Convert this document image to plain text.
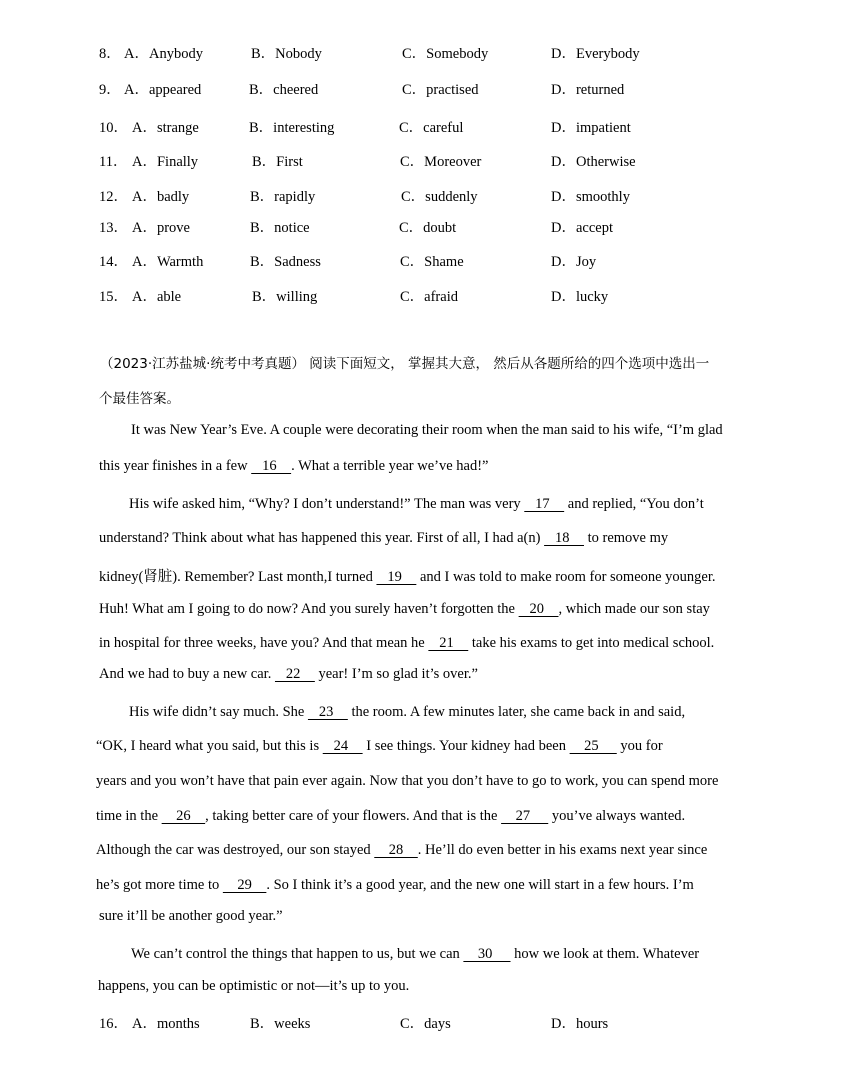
8． A．Anybody	B．Nobody	C．Somebody	D．Everybody
9． A．appeared	B．cheered	C．practised	D．returned
10． A．strange	B．interesting	C．careful	D．impatient
11． A．Finally	B．First	C．Moreover	D．Otherwise
12． A．badly	B．rapidly	C．suddenly	D．smoothly
13． A．prove	B．notice	C．doubt	D．accept
14． A．Warmth	B．Sadness	C．Shame	D．Joy
15． A．able	B．willing	C．afraid	D．lucky
（2023·江苏盐城·统考中考真题） 阅读下面短文， 掌握其大意， 然后从各题所给的四个选项中选出一
个最佳答案。
It was New Year’s Eve. A couple were decorating their room when the man said to his wife, “I’m glad
this year finishes in a few    16    . What a terrible year we’ve had!”
His wife asked him, “Why? I don’t understand!” The man was very    17     and replied, “You don’t
understand? Think about what has happened this year. First of all, I had a(n)    18     to remove my
kidney(肾脏). Remember? Last month,I turned    19     and I was told to make room for someone younger.
Huh! What am I going to do now? And you surely haven’t forgotten the    20    , which made our son stay
in hospital for three weeks, have you? And that mean he    21     take his exams to get into medical school.
And we had to buy a new car.    22     year! I’m so glad it’s over.”
His wife didn’t say much. She    23     the room. A few minutes later, she came back in and said,
“OK, I heard what you said, but this is    24     I see things. Your kidney had been     25      you for
years and you won’t have that pain ever again. Now that you don’t have to go to work, you can spend more
time in the     26    , taking better care of your flowers. And that is the     27      you’ve always wanted.
Although the car was destroyed, our son stayed     28    . He’ll do even better in his exams next year since
he’s got more time to     29    . So I think it’s a good year, and the new one will start in a few hours. I’m
sure it’ll be another good year.”
We can’t control the things that happen to us, but we can     30      how we look at them. Whatever
happens, you can be optimistic or not—it’s up to you.
16． A．months	B．weeks	C．days	D．hours
